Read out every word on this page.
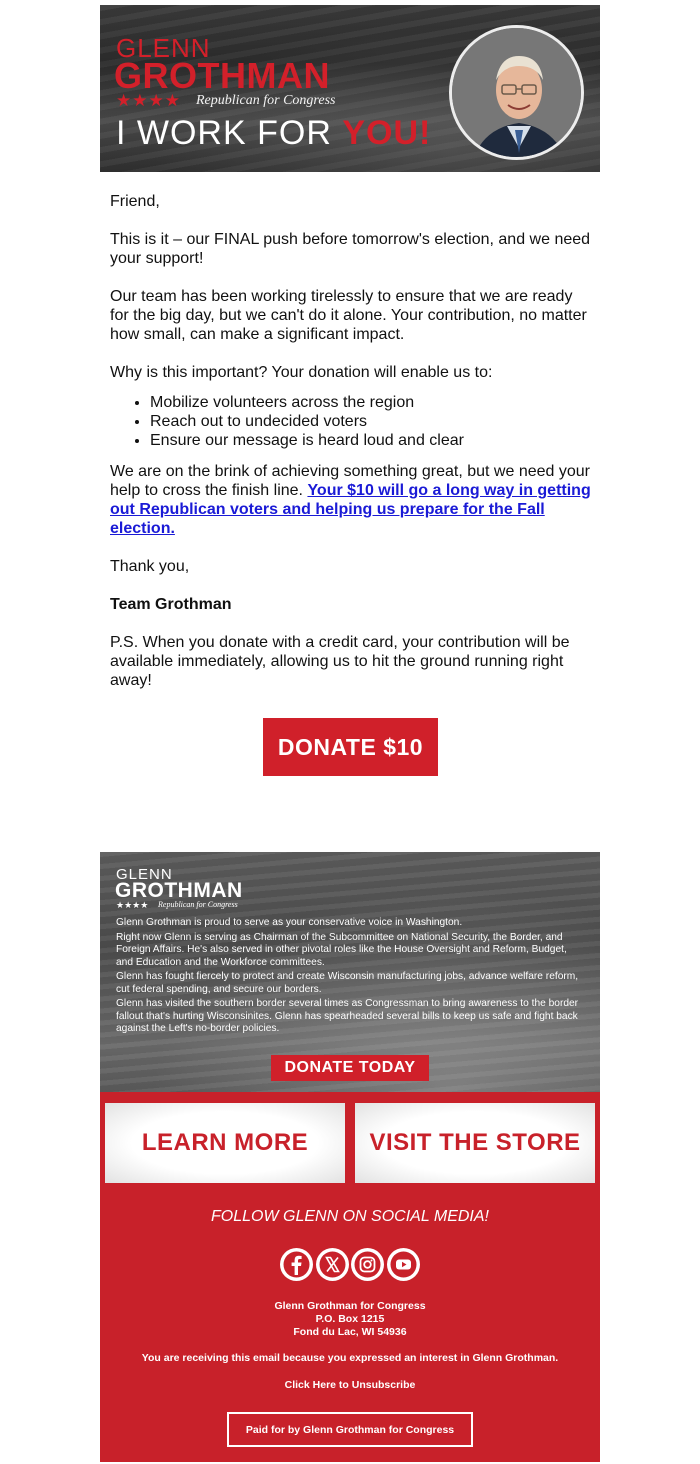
GLENN
GROTHMAN
★★★★ Republican for Congress
I WORK FOR YOU!

Friend,

This is it – our FINAL push before tomorrow's election, and we need your support!

Our team has been working tirelessly to ensure that we are ready for the big day, but we can't do it alone. Your contribution, no matter how small, can make a significant impact.

Why is this important? Your donation will enable us to:

• Mobilize volunteers across the region
• Reach out to undecided voters
• Ensure our message is heard loud and clear

We are on the brink of achieving something great, but we need your help to cross the finish line. Your $10 will go a long way in getting out Republican voters and helping us prepare for the Fall election.

Thank you,

Team Grothman

P.S. When you donate with a credit card, your contribution will be available immediately, allowing us to hit the ground running right away!

DONATE $10
GLENN
GROTHMAN
★★★★ Republican for Congress

Glenn Grothman is proud to serve as your conservative voice in Washington.

Right now Glenn is serving as Chairman of the Subcommittee on National Security, the Border, and Foreign Affairs. He's also served in other pivotal roles like the House Oversight and Reform, Budget, and Education and the Workforce committees.

Glenn has fought fiercely to protect and create Wisconsin manufacturing jobs, advance welfare reform, cut federal spending, and secure our borders.

Glenn has visited the southern border several times as Congressman to bring awareness to the border fallout that's hurting Wisconsinites. Glenn has spearheaded several bills to keep us safe and fight back against the Left's no-border policies.

DONATE TODAY
LEARN MORE	VISIT THE STORE
FOLLOW GLENN ON SOCIAL MEDIA!
Glenn Grothman for Congress
P.O. Box 1215
Fond du Lac, WI 54936
You are receiving this email because you expressed an interest in Glenn Grothman.
Click Here to Unsubscribe
Paid for by Glenn Grothman for Congress
